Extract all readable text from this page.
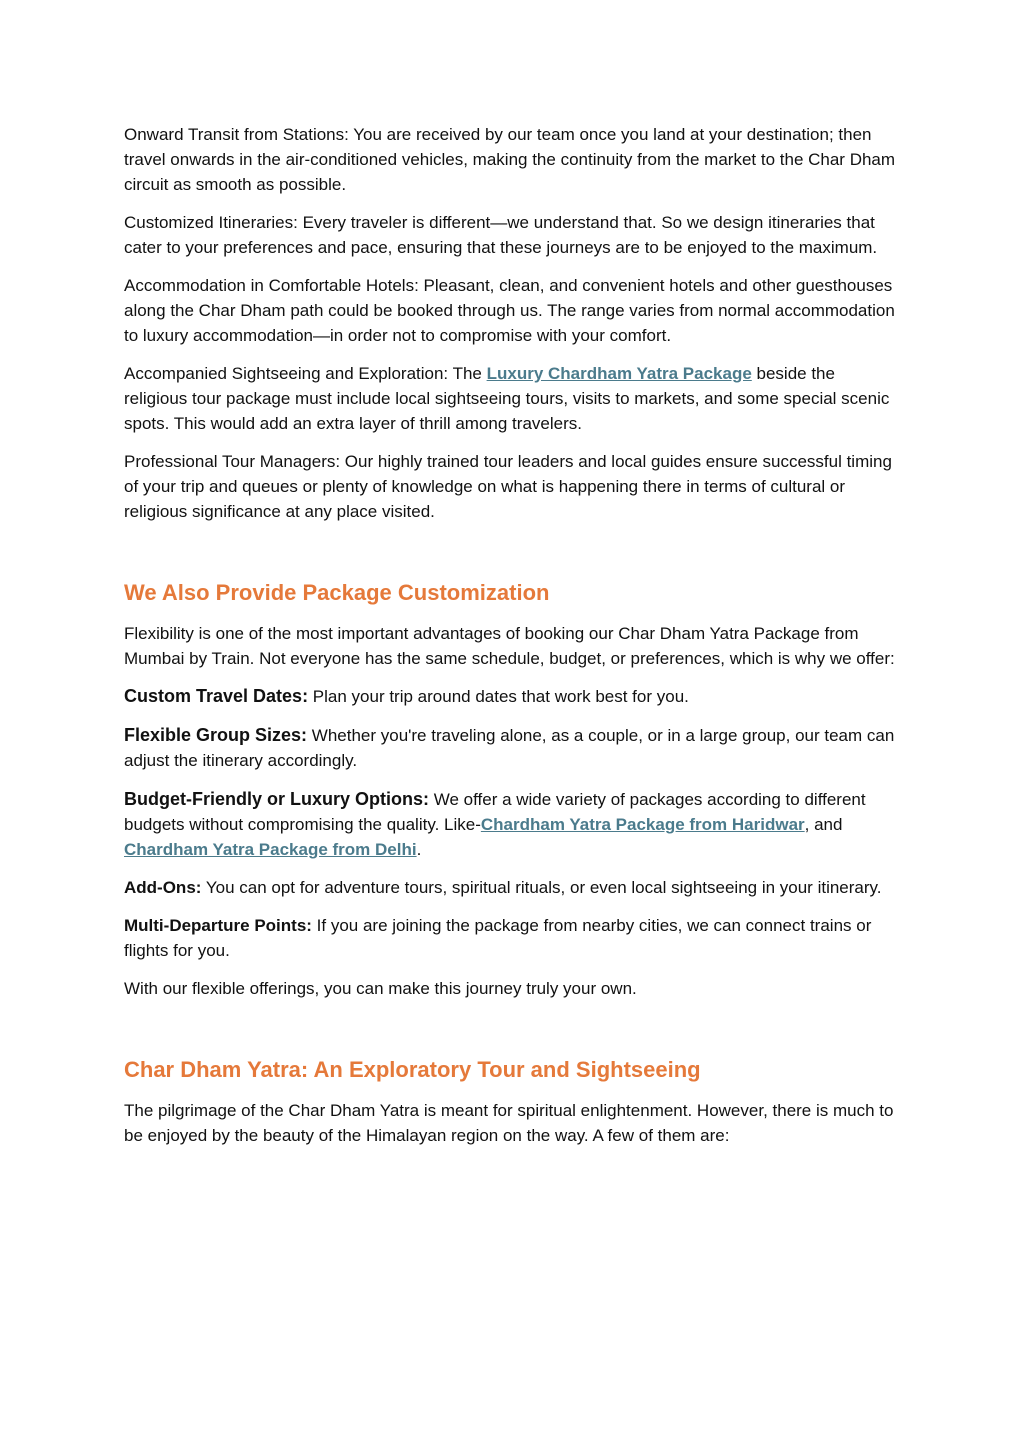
Onward Transit from Stations: You are received by our team once you land at your destination; then travel onwards in the air-conditioned vehicles, making the continuity from the market to the Char Dham circuit as smooth as possible.

Customized Itineraries: Every traveler is different—we understand that. So we design itineraries that cater to your preferences and pace, ensuring that these journeys are to be enjoyed to the maximum.

Accommodation in Comfortable Hotels: Pleasant, clean, and convenient hotels and other guesthouses along the Char Dham path could be booked through us. The range varies from normal accommodation to luxury accommodation—in order not to compromise with your comfort.

Accompanied Sightseeing and Exploration: The Luxury Chardham Yatra Package beside the religious tour package must include local sightseeing tours, visits to markets, and some special scenic spots. This would add an extra layer of thrill among travelers.

Professional Tour Managers: Our highly trained tour leaders and local guides ensure successful timing of your trip and queues or plenty of knowledge on what is happening there in terms of cultural or religious significance at any place visited.

We Also Provide Package Customization

Flexibility is one of the most important advantages of booking our Char Dham Yatra Package from Mumbai by Train. Not everyone has the same schedule, budget, or preferences, which is why we offer:

Custom Travel Dates: Plan your trip around dates that work best for you.

Flexible Group Sizes: Whether you're traveling alone, as a couple, or in a large group, our team can adjust the itinerary accordingly.

Budget-Friendly or Luxury Options: We offer a wide variety of packages according to different budgets without compromising the quality. Like-Chardham Yatra Package from Haridwar, and Chardham Yatra Package from Delhi.

Add-Ons: You can opt for adventure tours, spiritual rituals, or even local sightseeing in your itinerary.

Multi-Departure Points: If you are joining the package from nearby cities, we can connect trains or flights for you.

With our flexible offerings, you can make this journey truly your own.

Char Dham Yatra: An Exploratory Tour and Sightseeing

The pilgrimage of the Char Dham Yatra is meant for spiritual enlightenment. However, there is much to be enjoyed by the beauty of the Himalayan region on the way. A few of them are:
